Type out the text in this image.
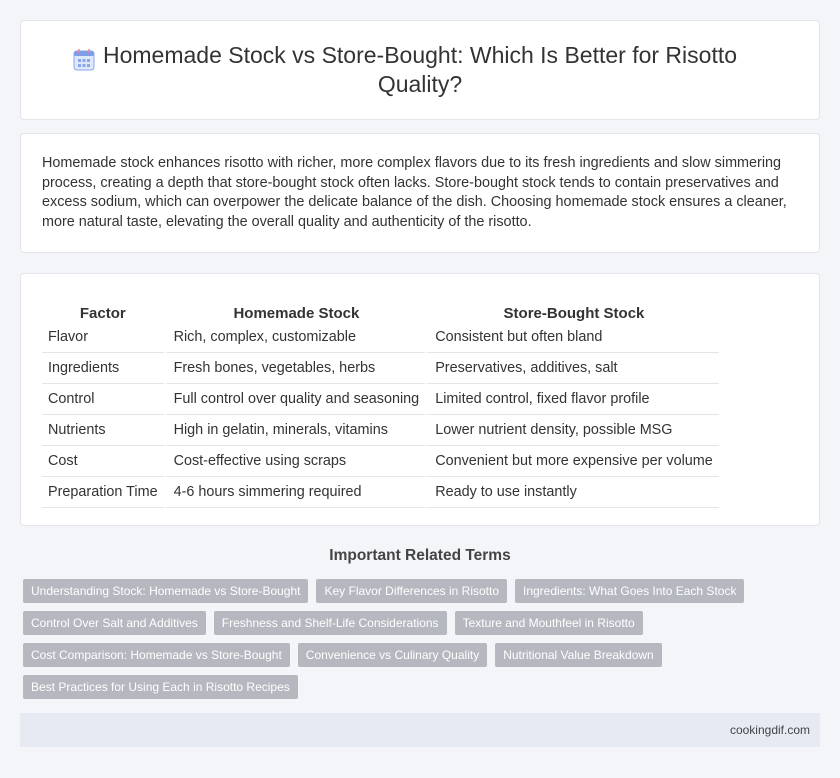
Homemade Stock vs Store-Bought: Which Is Better for Risotto Quality?

Homemade stock enhances risotto with richer, more complex flavors due to its fresh ingredients and slow simmering process, creating a depth that store-bought stock often lacks. Store-bought stock tends to contain preservatives and excess sodium, which can overpower the delicate balance of the dish. Choosing homemade stock ensures a cleaner, more natural taste, elevating the overall quality and authenticity of the risotto.

Factor	Homemade Stock	Store-Bought Stock
Flavor	Rich, complex, customizable	Consistent but often bland
Ingredients	Fresh bones, vegetables, herbs	Preservatives, additives, salt
Control	Full control over quality and seasoning	Limited control, fixed flavor profile
Nutrients	High in gelatin, minerals, vitamins	Lower nutrient density, possible MSG
Cost	Cost-effective using scraps	Convenient but more expensive per volume
Preparation Time	4-6 hours simmering required	Ready to use instantly
Important Related Terms
Understanding Stock: Homemade vs Store-Bought	Key Flavor Differences in Risotto	Ingredients: What Goes Into Each Stock
Control Over Salt and Additives	Freshness and Shelf-Life Considerations	Texture and Mouthfeel in Risotto
Cost Comparison: Homemade vs Store-Bought	Convenience vs Culinary Quality	Nutritional Value Breakdown
Best Practices for Using Each in Risotto Recipes
cookingdif.com
